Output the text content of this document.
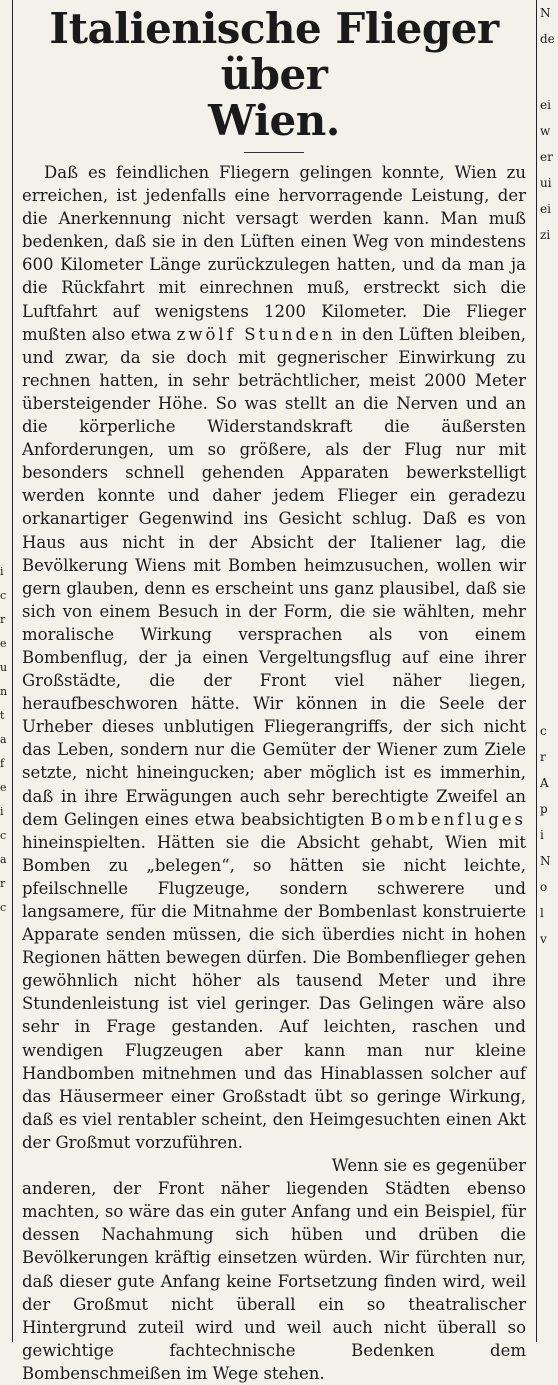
i
c
r
e
u
n
t
a
f
e
i
c
a
r
c
Italienische Flieger über
Wien.

Daß es feindlichen Fliegern gelingen konnte, Wien zu erreichen, ist jedenfalls eine hervorragende Leistung, der die Anerkennung nicht versagt werden kann. Man muß bedenken, daß sie in den Lüften einen Weg von mindestens 600 Kilometer Länge zurückzulegen hatten, und da man ja die Rückfahrt mit einrechnen muß, erstreckt sich die Luftfahrt auf wenigstens 1200 Kilometer. Die Flieger mußten also etwa zwölf Stunden in den Lüften bleiben, und zwar, da sie doch mit gegnerischer Einwirkung zu rechnen hatten, in sehr beträchtlicher, meist 2000 Meter übersteigender Höhe. So was stellt an die Nerven und an die körperliche Widerstandskraft die äußersten Anforderungen, um so größere, als der Flug nur mit besonders schnell gehenden Apparaten bewerkstelligt werden konnte und daher jedem Flieger ein geradezu orkanartiger Gegenwind ins Gesicht schlug. Daß es von Haus aus nicht in der Absicht der Italiener lag, die Bevölkerung Wiens mit Bomben heimzusuchen, wollen wir gern glauben, denn es erscheint uns ganz plausibel, daß sie sich von einem Besuch in der Form, die sie wählten, mehr moralische Wirkung versprachen als von einem Bombenflug, der ja einen Vergeltungsflug auf eine ihrer Großstädte, die der Front viel näher liegen, heraufbeschworen hätte. Wir können in die Seele der Urheber dieses unblutigen Fliegerangriffs, der sich nicht das Leben, sondern nur die Gemüter der Wiener zum Ziele setzte, nicht hineingucken; aber möglich ist es immerhin, daß in ihre Erwägungen auch sehr berechtigte Zweifel an dem Gelingen eines etwa beabsichtigten Bombenfluges hineinspielten. Hätten sie die Absicht gehabt, Wien mit Bomben zu „belegen“, so hätten sie nicht leichte, pfeilschnelle Flugzeuge, sondern schwerere und langsamere, für die Mitnahme der Bombenlast konstruierte Apparate senden müssen, die sich überdies nicht in hohen Regionen hätten bewegen dürfen. Die Bombenflieger gehen gewöhnlich nicht höher als tausend Meter und ihre Stundenleistung ist viel geringer. Das Gelingen wäre also sehr in Frage gestanden. Auf leichten, raschen und wendigen Flugzeugen aber kann man nur kleine Handbomben mitnehmen und das Hinablassen solcher auf das Häusermeer einer Großstadt übt so geringe Wirkung, daß es viel rentabler scheint, den Heimgesuchten einen Akt der Großmut vorzuführen.

Wenn sie es gegenüber
anderen, der Front näher liegenden Städten ebenso machten, so wäre das ein guter Anfang und ein Beispiel, für dessen Nachahmung sich hüben und drüben die Bevölkerungen kräftig einsetzen würden. Wir fürchten nur, daß dieser gute Anfang keine Fortsetzung finden wird, weil der Großmut nicht überall ein so theatralischer Hintergrund zuteil wird und weil auch nicht überall so gewichtige fachtechnische Bedenken dem Bombenschmeißen im Wege stehen.

N
de
ei
w
er
ui
ei
zi
c
r
A
p
i
N
o
l
v
